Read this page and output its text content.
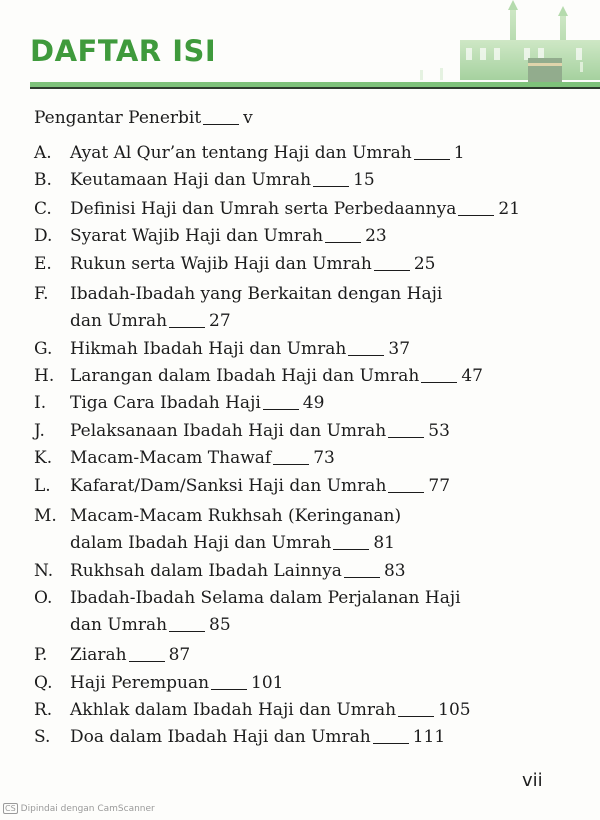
DAFTAR ISI
Pengantar Penerbit v
A. Ayat Al Qur’an tentang Haji dan Umrah 1
B. Keutamaan Haji dan Umrah 15
C. Definisi Haji dan Umrah serta Perbedaannya 21
D. Syarat Wajib Haji dan Umrah 23
E. Rukun serta Wajib Haji dan Umrah 25
F. Ibadah-Ibadah yang Berkaitan dengan Haji
dan Umrah 27
G. Hikmah Ibadah Haji dan Umrah 37
H. Larangan dalam Ibadah Haji dan Umrah 47
I. Tiga Cara Ibadah Haji 49
J. Pelaksanaan Ibadah Haji dan Umrah 53
K. Macam-Macam Thawaf 73
L. Kafarat/Dam/Sanksi Haji dan Umrah 77
M. Macam-Macam Rukhsah (Keringanan)
dalam Ibadah Haji dan Umrah 81
N. Rukhsah dalam Ibadah Lainnya 83
O. Ibadah-Ibadah Selama dalam Perjalanan Haji
dan Umrah 85
P. Ziarah 87
Q. Haji Perempuan 101
R. Akhlak dalam Ibadah Haji dan Umrah 105
S. Doa dalam Ibadah Haji dan Umrah 111
vii
CS Dipindai dengan CamScanner
